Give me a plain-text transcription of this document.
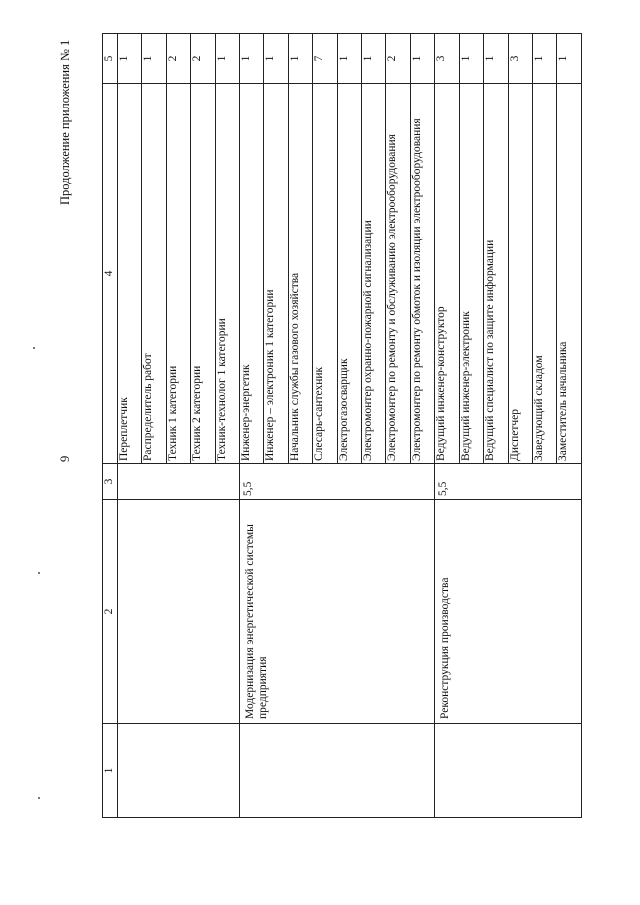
Продолжение приложения № 1
9
1	2	3	4	5
			Переплетчик	1
			Распределитель работ	1
			Техник 1 категории	2
			Техник 2 категории	2
			Техник-технолог 1 категории	1
	Модернизация энергетической системы предприятия	5,5	Инженер-энергетик	1
			Инженер – электроник 1 категории	1
			Начальник службы газового хозяйства	1
			Слесарь-сантехник	7
			Электрогазосварщик	1
			Электромонтер охранно-пожарной сигнализации	1
			Электромонтер по ремонту и обслуживанию электрооборудования	2
			Электромонтер по ремонту обмоток и изоляции электрооборудования	1
	Реконструкция производства	5,5	Ведущий инженер-конструктор	3
			Ведущий инженер-электроник	1
			Ведущий специалист по защите информации	1
			Диспетчер	3
			Заведующий складом	1
			Заместитель начальника	1
